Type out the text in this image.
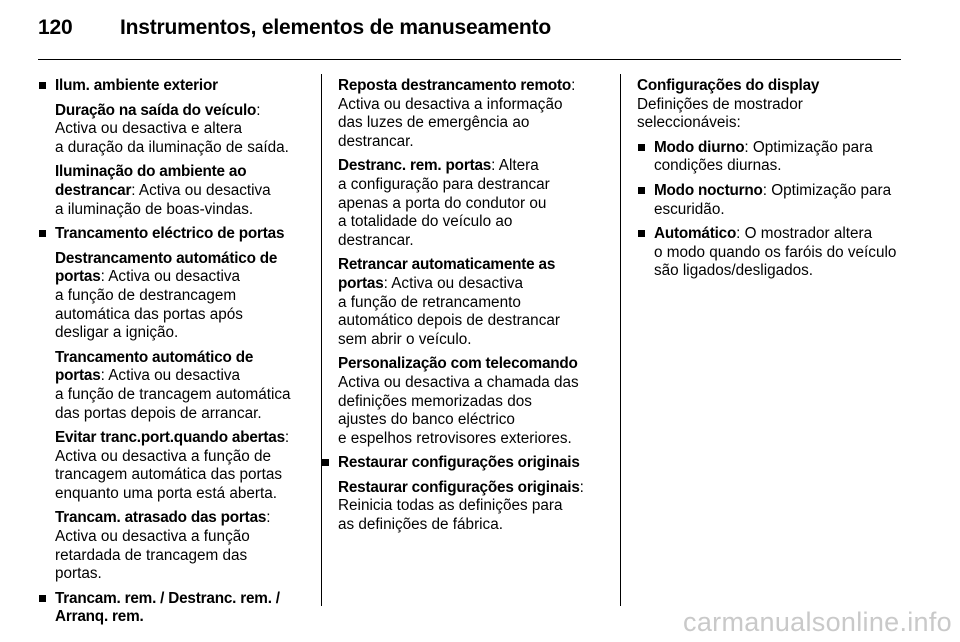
120 Instrumentos, elementos de manuseamento
Ilum. ambiente exterior
Duração na saída do veículo:
Activa ou desactiva e altera
a duração da iluminação de saída.
Iluminação do ambiente ao
destrancar: Activa ou desactiva
a iluminação de boas-vindas.
Trancamento eléctrico de portas
Destrancamento automático de
portas: Activa ou desactiva
a função de destrancagem
automática das portas após
desligar a ignição.
Trancamento automático de
portas: Activa ou desactiva
a função de trancagem automática
das portas depois de arrancar.
Evitar tranc.port.quando abertas:
Activa ou desactiva a função de
trancagem automática das portas
enquanto uma porta está aberta.
Trancam. atrasado das portas:
Activa ou desactiva a função
retardada de trancagem das
portas.
Trancam. rem. / Destranc. rem. /
Arranq. rem.
Reposta destrancamento remoto:
Activa ou desactiva a informação
das luzes de emergência ao
destrancar.
Destranc. rem. portas: Altera
a configuração para destrancar
apenas a porta do condutor ou
a totalidade do veículo ao
destrancar.
Retrancar automaticamente as
portas: Activa ou desactiva
a função de retrancamento
automático depois de destrancar
sem abrir o veículo.
Personalização com telecomando
Activa ou desactiva a chamada das
definições memorizadas dos
ajustes do banco eléctrico
e espelhos retrovisores exteriores.
Restaurar configurações originais
Restaurar configurações originais:
Reinicia todas as definições para
as definições de fábrica.
Configurações do display
Definições de mostrador
seleccionáveis:
Modo diurno: Optimização para
condições diurnas.
Modo nocturno: Optimização para
escuridão.
Automático: O mostrador altera
o modo quando os faróis do veículo
são ligados/desligados.
carmanualsonline.info
